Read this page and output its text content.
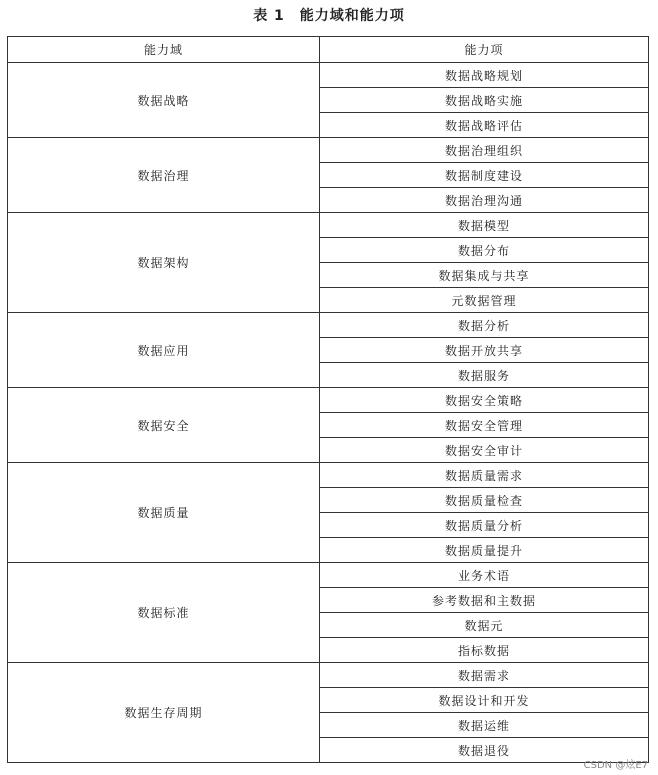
表 1　能力域和能力项
能力域	能力项
数据战略	数据战略规划
	数据战略实施
	数据战略评估
数据治理	数据治理组织
	数据制度建设
	数据治理沟通
数据架构	数据模型
	数据分布
	数据集成与共享
	元数据管理
数据应用	数据分析
	数据开放共享
	数据服务
数据安全	数据安全策略
	数据安全管理
	数据安全审计
数据质量	数据质量需求
	数据质量检查
	数据质量分析
	数据质量提升
数据标准	业务术语
	参考数据和主数据
	数据元
	指标数据
数据生存周期	数据需求
	数据设计和开发
	数据运维
	数据退役
CSDN @炫E7
